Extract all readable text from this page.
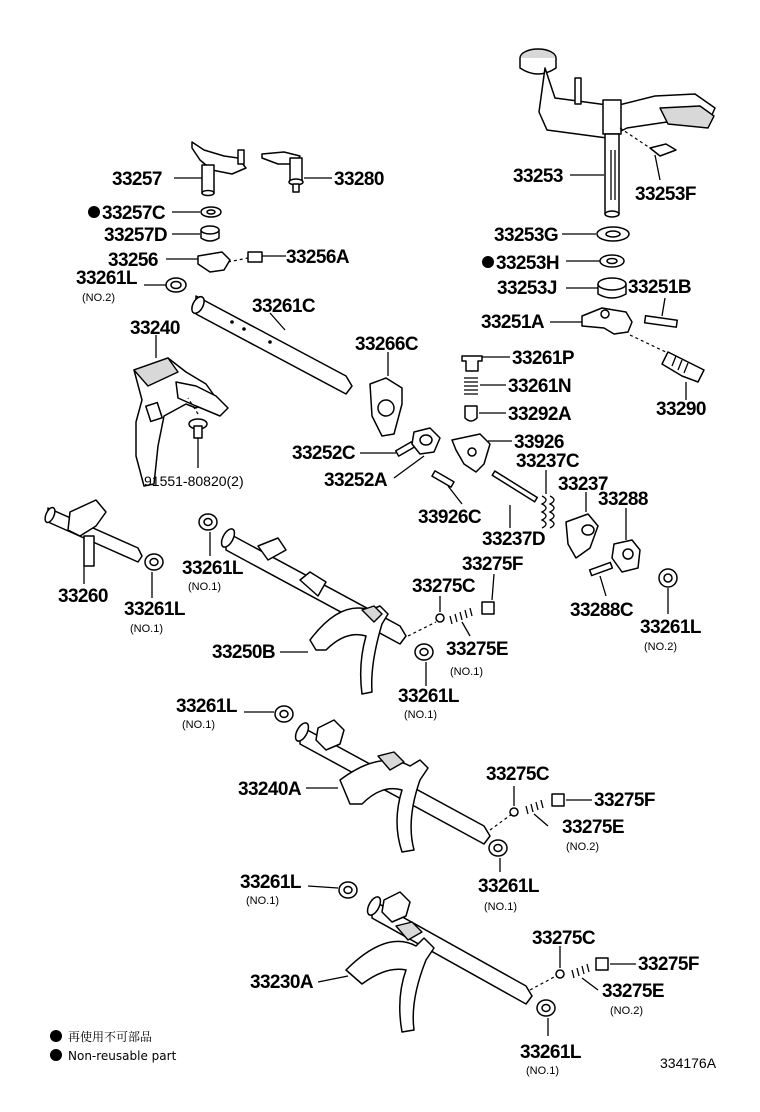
33253
33253F
33253G
33253H
33253J
33251A
33251B
33290
33261P
33261N
33292A
33257	33280
33257C
33257D
33256	33256A
33261L
(NO.2)	33261C
33240
91551-80820(2)
33266C
33252C
33252A
33926
33926C
33237D
33237C
33237
33288
33288C
33261L
(NO.2)
33260
33261L
(NO.1)
33261L
(NO.1)
33250B
33275C
33275E
(NO.1)
33275F
33261L
(NO.1)
33261L
(NO.1)
33240A
33275C
33275E
(NO.2)
33275F
33261L
(NO.1)
33261L
(NO.1)
33230A
33275C
33275E
(NO.2)
33275F
33261L
(NO.1)
再使用不可部品
Non-reusable part	334176A
